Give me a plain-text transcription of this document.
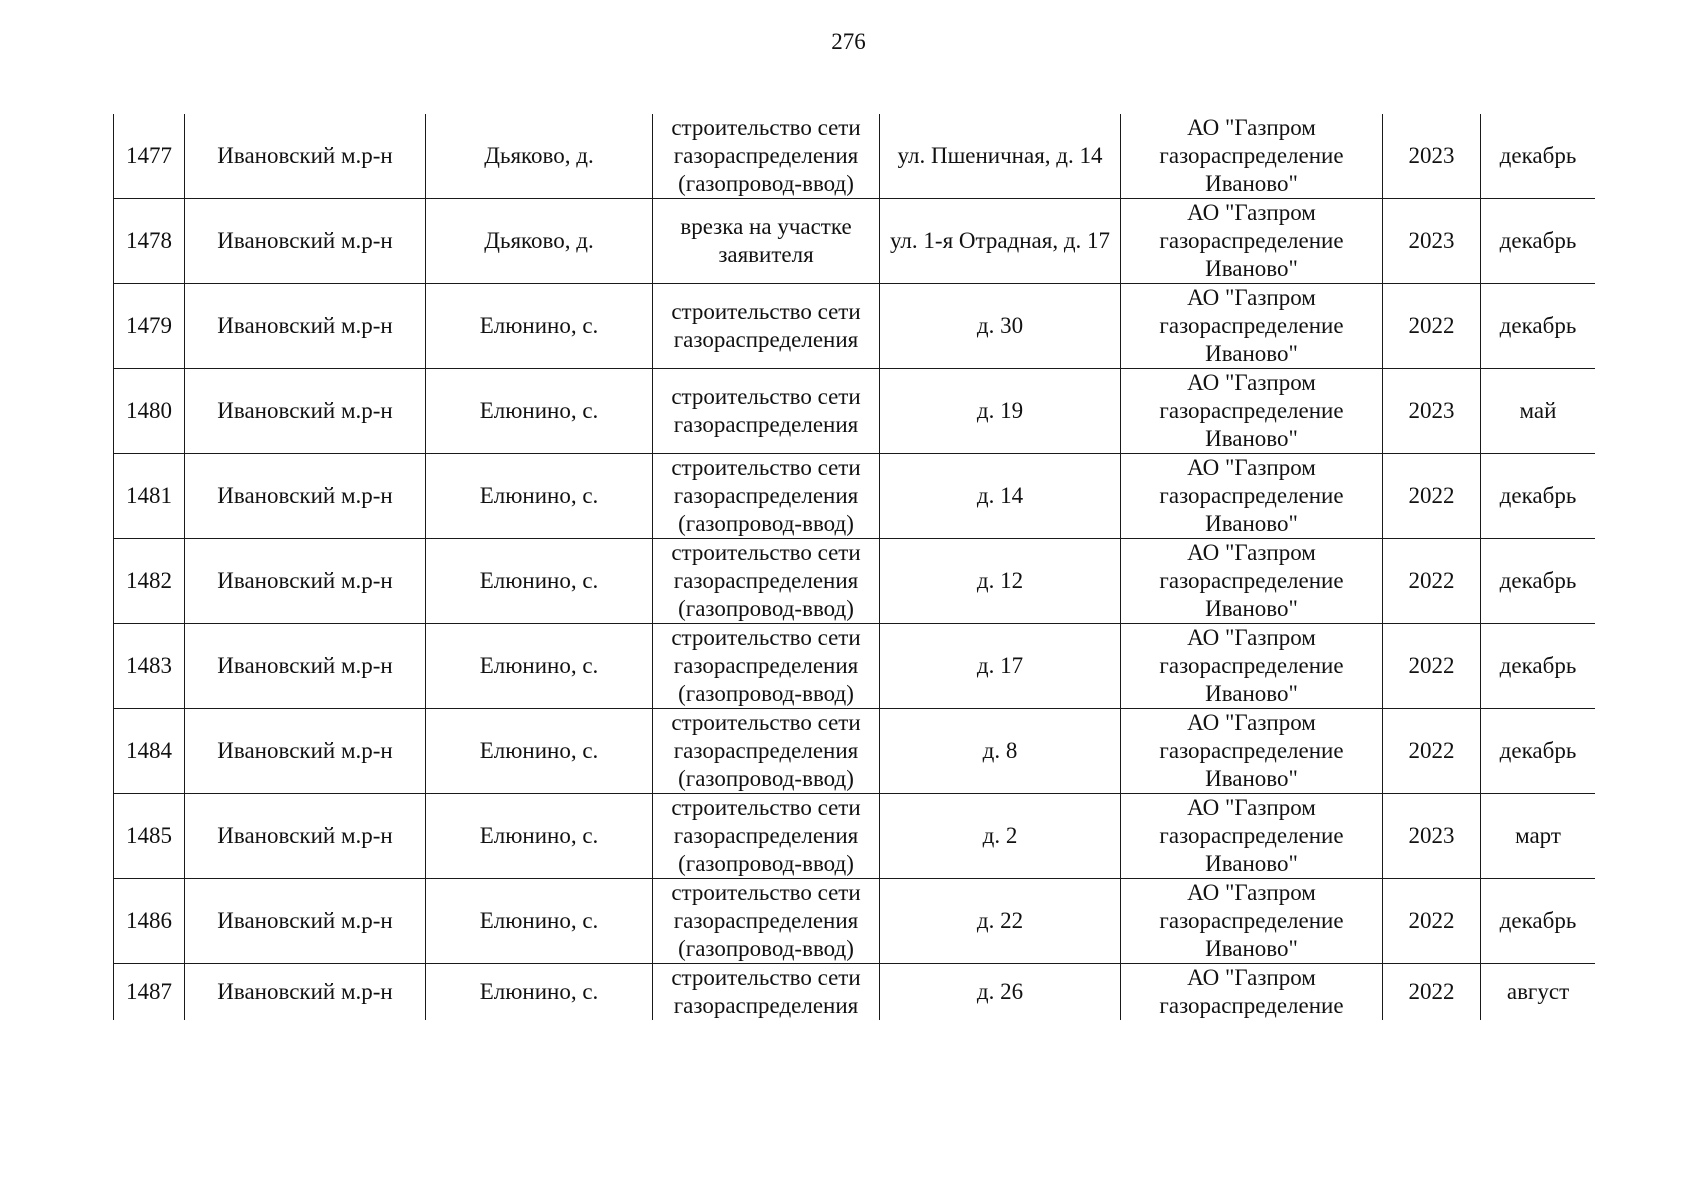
276
1477	Ивановский м.р-н	Дьяково, д.	строительство сети газораспределения (газопровод-ввод)	ул. Пшеничная, д. 14	АО "Газпром газораспределение Иваново"	2023	декабрь

1478	Ивановский м.р-н	Дьяково, д.	врезка на участке заявителя	ул. 1-я Отрадная, д. 17	АО "Газпром газораспределение Иваново"	2023	декабрь

1479	Ивановский м.р-н	Елюнино, с.	строительство сети газораспределения	д. 30	АО "Газпром газораспределение Иваново"	2022	декабрь

1480	Ивановский м.р-н	Елюнино, с.	строительство сети газораспределения	д. 19	АО "Газпром газораспределение Иваново"	2023	май

1481	Ивановский м.р-н	Елюнино, с.	строительство сети газораспределения (газопровод-ввод)	д. 14	АО "Газпром газораспределение Иваново"	2022	декабрь

1482	Ивановский м.р-н	Елюнино, с.	строительство сети газораспределения (газопровод-ввод)	д. 12	АО "Газпром газораспределение Иваново"	2022	декабрь

1483	Ивановский м.р-н	Елюнино, с.	строительство сети газораспределения (газопровод-ввод)	д. 17	АО "Газпром газораспределение Иваново"	2022	декабрь

1484	Ивановский м.р-н	Елюнино, с.	строительство сети газораспределения (газопровод-ввод)	д. 8	АО "Газпром газораспределение Иваново"	2022	декабрь

1485	Ивановский м.р-н	Елюнино, с.	строительство сети газораспределения (газопровод-ввод)	д. 2	АО "Газпром газораспределение Иваново"	2023	март

1486	Ивановский м.р-н	Елюнино, с.	строительство сети газораспределения (газопровод-ввод)	д. 22	АО "Газпром газораспределение Иваново"	2022	декабрь

1487	Ивановский м.р-н	Елюнино, с.	строительство сети газораспределения	д. 26	АО "Газпром газораспределение	2022	август
